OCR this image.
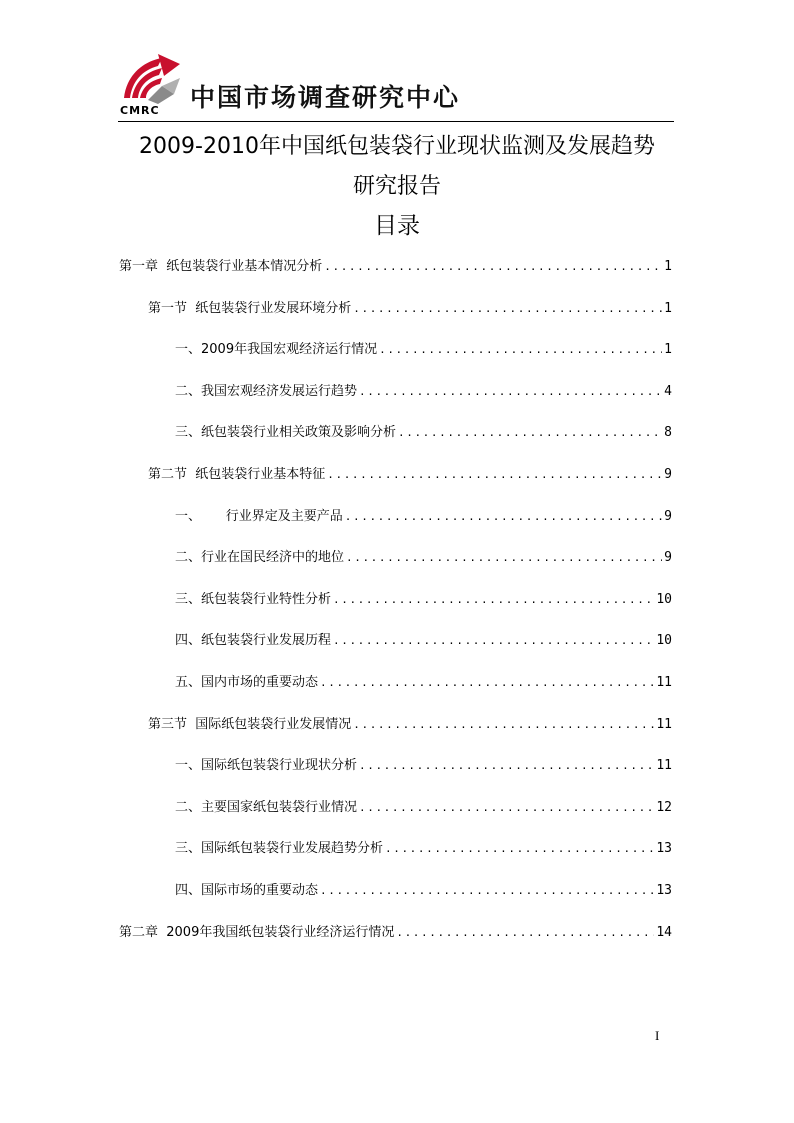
CMRC 中国市场调查研究中心
2009-2010年中国纸包装袋行业现状监测及发展趋势
研究报告
目录
第一章  纸包装袋行业基本情况分析 .....	1
第一节  纸包装袋行业发展环境分析 .....	1
一、2009年我国宏观经济运行情况 .....	1
二、我国宏观经济发展运行趋势 .....	4
三、纸包装袋行业相关政策及影响分析 .....	8
第二节  纸包装袋行业基本特征 .....	9
一、      行业界定及主要产品 .....	9
二、行业在国民经济中的地位 .....	9
三、纸包装袋行业特性分析 .....	10
四、纸包装袋行业发展历程 .....	10
五、国内市场的重要动态 .....	11
第三节  国际纸包装袋行业发展情况 .....	11
一、国际纸包装袋行业现状分析 .....	11
二、主要国家纸包装袋行业情况 .....	12
三、国际纸包装袋行业发展趋势分析 .....	13
四、国际市场的重要动态 .....	13
第二章  2009年我国纸包装袋行业经济运行情况 .....	14
I
